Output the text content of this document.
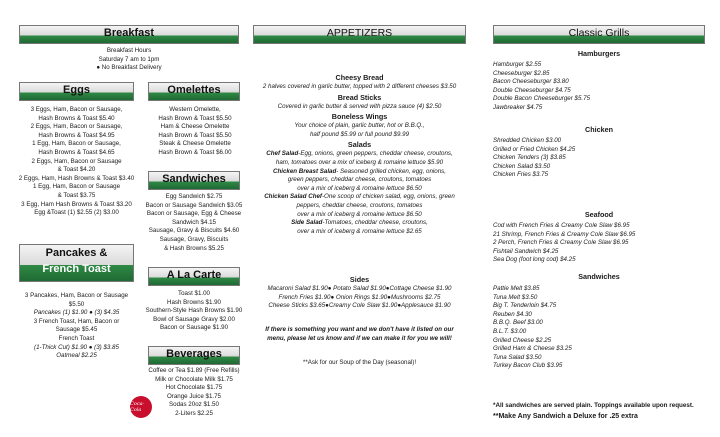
Breakfast
Breakfast Hours
Saturday 7 am to 1pm
● No Breakfast Delivery
Eggs
3 Eggs, Ham, Bacon or Sausage,
Hash Browns & Toast $5.40
2 Eggs, Ham, Bacon or Sausage,
Hash Browns & Toast $4.95
1 Egg, Ham, Bacon or Sausage,
Hash Browns & Toast $4.65
2 Eggs, Ham, Bacon or Sausage
& Toast $4.20
2 Eggs, Ham, Hash Browns & Toast $3.40
1 Egg, Ham, Bacon or Sausage
& Toast $3.75
3 Egg, Ham Hash Browns & Toast $3.20
Egg &Toast (1) $2.55 (2) $3.00
Pancakes &
French Toast
3 Pancakes, Ham, Bacon or Sausage
$5.50
Pancakes (1) $1.90 ● (3) $4.35
3 French Toast, Ham, Bacon or
Sausage $5.45
French Toast
(1-Thick Cut) $1.90 ● (3) $3.85
Oatmeal $2.25
Omelettes
Western Omelette,
Hash Brown & Toast $5.50
Ham & Cheese Omelette
Hash Brown & Toast $5.50
Steak & Cheese Omelette
Hash Brown & Toast $6.00
Sandwiches
Egg Sandwich $2.75
Bacon or Sausage Sandwich $3.05
Bacon or Sausage, Egg & Cheese
Sandwich $4.15
Sausage, Gravy & Biscuits $4.60
Sausage, Gravy, Biscuits
& Hash Browns $5.25
A La Carte
Toast $1.00
Hash Browns $1.90
Southern-Style Hash Browns $1.90
Bowl of Sausage Gravy $2.00
Bacon or Sausage $1.90
Beverages
Coffee or Tea $1.89 (Free Refills)
Milk or Chocolate Milk $1.75
Hot Chocolate $1.75
Orange Juice $1.75
Sodas 20oz $1.50
2-Liters $2.25
Coca-Cola
APPETIZERS
Cheesy Bread
2 halves covered in garlic butter, topped with 2 different cheeses $3.50
Bread Sticks
Covered in garlic butter & served with pizza sauce (4) $2.50
Boneless Wings
Your choice of plain, garlic butter, hot or B.B.Q.,
half pound $5.99 or full pound $9.99
Salads
Chef Salad-Egg, onions, green peppers, cheddar cheese, croutons,
ham, tomatoes over a mix of iceberg & romaine lettuce $5.90
Chicken Breast Salad- Seasoned grilled chicken, egg, onions,
green peppers, cheddar cheese, croutons, tomatoes
over a mix of iceberg & romaine lettuce $6.50
Chicken Salad Chef-One scoop of chicken salad, egg, onions, green
peppers, cheddar cheese, croutons, tomatoes
over a mix of iceberg & romaine lettuce $6.50
Side Salad-Tomatoes, cheddar cheese, croutons,
over a mix of iceberg & romaine lettuce $2.65
Sides
Macaroni Salad $1.90● Potato Salad $1.90●Cottage Cheese $1.90
French Fries $1.90● Onion Rings $1.90●Mushrooms $2.75
Cheese Sticks $3.65●Creamy Cole Slaw $1.90●Applesauce $1.90
If there is something you want and we don't have it listed on our
menu, please let us know and if we can make it for you we will!
**Ask for our Soup of the Day (seasonal)!
Classic Grills
Hamburgers
Hamburger $2.55
Cheeseburger $2.85
Bacon Cheeseburger $3.80
Double Cheeseburger $4.75
Double Bacon Cheeseburger $5.75
Jawbreaker $4.75
Chicken
Shredded Chicken $3.00
Grilled or Fried Chicken $4.25
Chicken Tenders (3) $3.85
Chicken Salad $3.50
Chicken Fries $3.75
Seafood
Cod with French Fries & Creamy Cole Slaw $6.95
21 Shrimp, French Fries & Creamy Cole Slaw $6.95
2 Perch, French Fries & Creamy Cole Slaw $6.95
Fishtail Sandwich $4.25
Sea Dog (foot long cod) $4.25
Sandwiches
Pattie Melt $3.85
Tuna Melt $3.50
Big T. Tenderloin $4.75
Reuben $4.30
B.B.Q. Beef $3.00
B.L.T. $3.00
Grilled Cheese $2.25
Grilled Ham & Cheese $3.25
Tuna Salad $3.50
Turkey Bacon Club $3.95
*All sandwiches are served plain. Toppings available upon request.
**Make Any Sandwich a Deluxe for .25 extra
